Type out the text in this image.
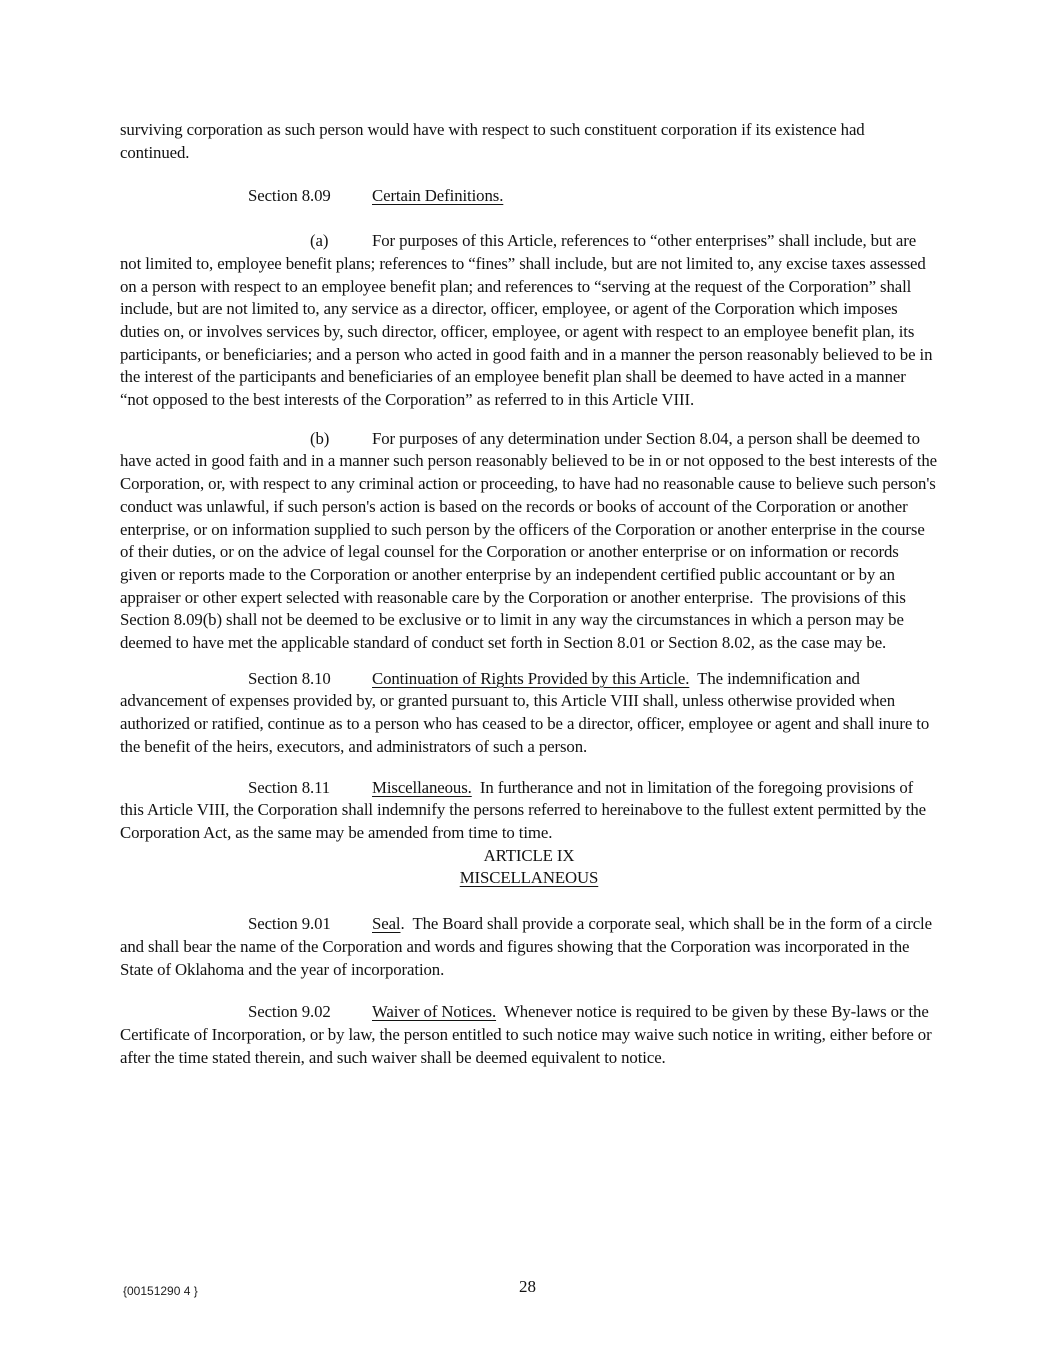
surviving corporation as such person would have with respect to such constituent corporation if its existence had continued.

Section 8.09 Certain Definitions.

(a)	For purposes of this Article, references to “other enterprises” shall include, but are not limited to, employee benefit plans; references to “fines” shall include, but are not limited to, any excise taxes assessed on a person with respect to an employee benefit plan; and references to “serving at the request of the Corporation” shall include, but are not limited to, any service as a director, officer, employee, or agent of the Corporation which imposes duties on, or involves services by, such director, officer, employee, or agent with respect to an employee benefit plan, its participants, or beneficiaries; and a person who acted in good faith and in a manner the person reasonably believed to be in the interest of the participants and beneficiaries of an employee benefit plan shall be deemed to have acted in a manner “not opposed to the best interests of the Corporation” as referred to in this Article VIII.

(b)	For purposes of any determination under Section 8.04, a person shall be deemed to have acted in good faith and in a manner such person reasonably believed to be in or not opposed to the best interests of the Corporation, or, with respect to any criminal action or proceeding, to have had no reasonable cause to believe such person's conduct was unlawful, if such person's action is based on the records or books of account of the Corporation or another enterprise, or on information supplied to such person by the officers of the Corporation or another enterprise in the course of their duties, or on the advice of legal counsel for the Corporation or another enterprise or on information or records given or reports made to the Corporation or another enterprise by an independent certified public accountant or by an appraiser or other expert selected with reasonable care by the Corporation or another enterprise.  The provisions of this Section 8.09(b) shall not be deemed to be exclusive or to limit in any way the circumstances in which a person may be deemed to have met the applicable standard of conduct set forth in Section 8.01 or Section 8.02, as the case may be.

Section 8.10 Continuation of Rights Provided by this Article.  The indemnification and advancement of expenses provided by, or granted pursuant to, this Article VIII shall, unless otherwise provided when authorized or ratified, continue as to a person who has ceased to be a director, officer, employee or agent and shall inure to the benefit of the heirs, executors, and administrators of such a person.

Section 8.11 Miscellaneous.  In furtherance and not in limitation of the foregoing provisions of this Article VIII, the Corporation shall indemnify the persons referred to hereinabove to the fullest extent permitted by the Corporation Act, as the same may be amended from time to time.

ARTICLE IX

MISCELLANEOUS

Section 9.01 Seal.  The Board shall provide a corporate seal, which shall be in the form of a circle and shall bear the name of the Corporation and words and figures showing that the Corporation was incorporated in the State of Oklahoma and the year of incorporation.

Section 9.02 Waiver of Notices.  Whenever notice is required to be given by these By-laws or the Certificate of Incorporation, or by law, the person entitled to such notice may waive such notice in writing, either before or after the time stated therein, and such waiver shall be deemed equivalent to notice.

{00151290 4 }	28
